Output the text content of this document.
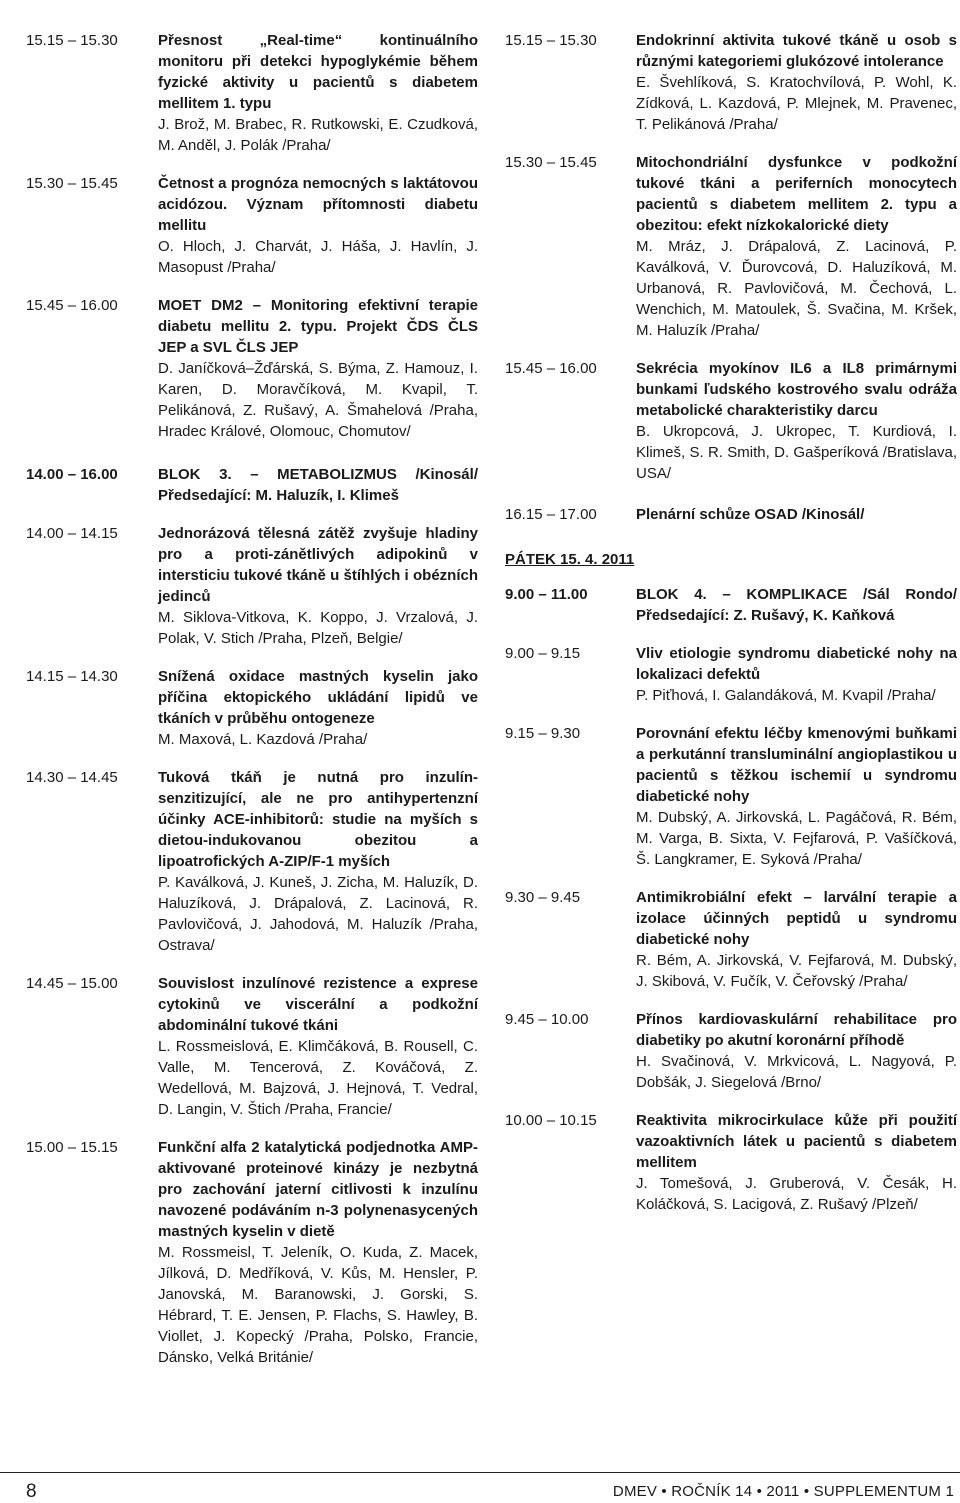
15.15 – 15.30	Přesnost „Real-time“ kontinuálního monitoru při detekci hypoglykémie během fyzické aktivity u pacientů s diabetem mellitem 1. typu
J. Brož, M. Brabec, R. Rutkowski, E. Czudková, M. Anděl, J. Polák /Praha/
15.30 – 15.45	Četnost a prognóza nemocných s laktátovou acidózou. Význam přítomnosti diabetu mellitu
O. Hloch, J. Charvát, J. Háša, J. Havlín, J. Masopust /Praha/
15.45 – 16.00	MOET DM2 – Monitoring efektivní terapie diabetu mellitu 2. typu. Projekt ČDS ČLS JEP a SVL ČLS JEP
D. Janíčková–Žďárská, S. Býma, Z. Hamouz, I. Karen, D. Moravčíková, M. Kvapil, T. Pelikánová, Z. Rušavý, A. Šmahelová /Praha, Hradec Králové, Olomouc, Chomutov/
14.00 – 16.00	BLOK 3. – METABOLIZMUS /Kinosál/ Předsedající: M. Haluzík, I. Klimeš
14.00 – 14.15	Jednorázová tělesná zátěž zvyšuje hladiny pro a proti-zánětlivých adipokinů v intersticiu tukové tkáně u štíhlých i obézních jedinců
M. Siklova-Vitkova, K. Koppo, J. Vrzalová, J. Polak, V. Stich /Praha, Plzeň, Belgie/
14.15 – 14.30	Snížená oxidace mastných kyselin jako příčina ektopického ukládání lipidů ve tkáních v průběhu ontogeneze
M. Maxová, L. Kazdová /Praha/
14.30 – 14.45	Tuková tkáň je nutná pro inzulín-senzitizující, ale ne pro antihypertenzní účinky ACE-inhibitorů: studie na myších s dietou-indukovanou obezitou a lipoatrofických A-ZIP/F-1 myších
P. Kaválková, J. Kuneš, J. Zicha, M. Haluzík, D. Haluzíková, J. Drápalová, Z. Lacinová, R. Pavlovičová, J. Jahodová, M. Haluzík /Praha, Ostrava/
14.45 – 15.00	Souvislost inzulínové rezistence a exprese cytokinů ve viscerální a podkožní abdominální tukové tkáni
L. Rossmeislová, E. Klimčáková, B. Rousell, C. Valle, M. Tencerová, Z. Kováčová, Z. Wedellová, M. Bajzová, J. Hejnová, T. Vedral, D. Langin, V. Štich /Praha, Francie/
15.00 – 15.15	Funkční alfa 2 katalytická podjednotka AMP-aktivované proteinové kinázy je nezbytná pro zachování jaterní citlivosti k inzulínu navozené podáváním n-3 polynenasycených mastných kyselin v dietě
M. Rossmeisl, T. Jeleník, O. Kuda, Z. Macek, Jílková, D. Medříková, V. Kůs, M. Hensler, P. Janovská, M. Baranowski, J. Gorski, S. Hébrard, T. E. Jensen, P. Flachs, S. Hawley, B. Viollet, J. Kopecký /Praha, Polsko, Francie, Dánsko, Velká Británie/
15.15 – 15.30	Endokrinní aktivita tukové tkáně u osob s různými kategoriemi glukózové intolerance
E. Švehlíková, S. Kratochvílová, P. Wohl, K. Zídková, L. Kazdová, P. Mlejnek, M. Pravenec, T. Pelikánová /Praha/
15.30 – 15.45	Mitochondriální dysfunkce v podkožní tukové tkáni a periferních monocytech pacientů s diabetem mellitem 2. typu a obezitou: efekt nízkokalorické diety
M. Mráz, J. Drápalová, Z. Lacinová, P. Kaválková, V. Ďurovcová, D. Haluzíková, M. Urbanová, R. Pavlovičová, M. Čechová, L. Wenchich, M. Matoulek, Š. Svačina, M. Kršek, M. Haluzík /Praha/
15.45 – 16.00	Sekrécia myokínov IL6 a IL8 primárnymi bunkami ľudského kostrového svalu odráža metabolické charakteristiky darcu
B. Ukropcová, J. Ukropec, T. Kurdiová, I. Klimeš, S. R. Smith, D. Gašperíková /Bratislava, USA/
16.15 – 17.00	Plenární schůze OSAD /Kinosál/
PÁTEK 15. 4. 2011
9.00 – 11.00	BLOK 4. – KOMPLIKACE /Sál Rondo/ Předsedající: Z. Rušavý, K. Kaňková
9.00 – 9.15	Vliv etiologie syndromu diabetické nohy na lokalizaci defektů
P. Piťhová, I. Galandáková, M. Kvapil /Praha/
9.15 – 9.30	Porovnání efektu léčby kmenovými buňkami a perkutánní transluminální angioplastikou u pacientů s těžkou ischemií u syndromu diabetické nohy
M. Dubský, A. Jirkovská, L. Pagáčová, R. Bém, M. Varga, B. Sixta, V. Fejfarová, P. Vašíčková, Š. Langkramer, E. Syková /Praha/
9.30 – 9.45	Antimikrobiální efekt – larvální terapie a izolace účinných peptidů u syndromu diabetické nohy
R. Bém, A. Jirkovská, V. Fejfarová, M. Dubský, J. Skibová, V. Fučík, V. Čeřovský /Praha/
9.45 – 10.00	Přínos kardiovaskulární rehabilitace pro diabetiky po akutní koronární příhodě
H. Svačinová, V. Mrkvicová, L. Nagyová, P. Dobšák, J. Siegelová /Brno/
10.00 – 10.15	Reaktivita mikrocirkulace kůže při použití vazoaktivních látek u pacientů s diabetem mellitem
J. Tomešová, J. Gruberová, V. Česák, H. Koláčková, S. Lacigová, Z. Rušavý /Plzeň/
8	DMEV • ROČNÍK 14 • 2011 • SUPPLEMENTUM 1
